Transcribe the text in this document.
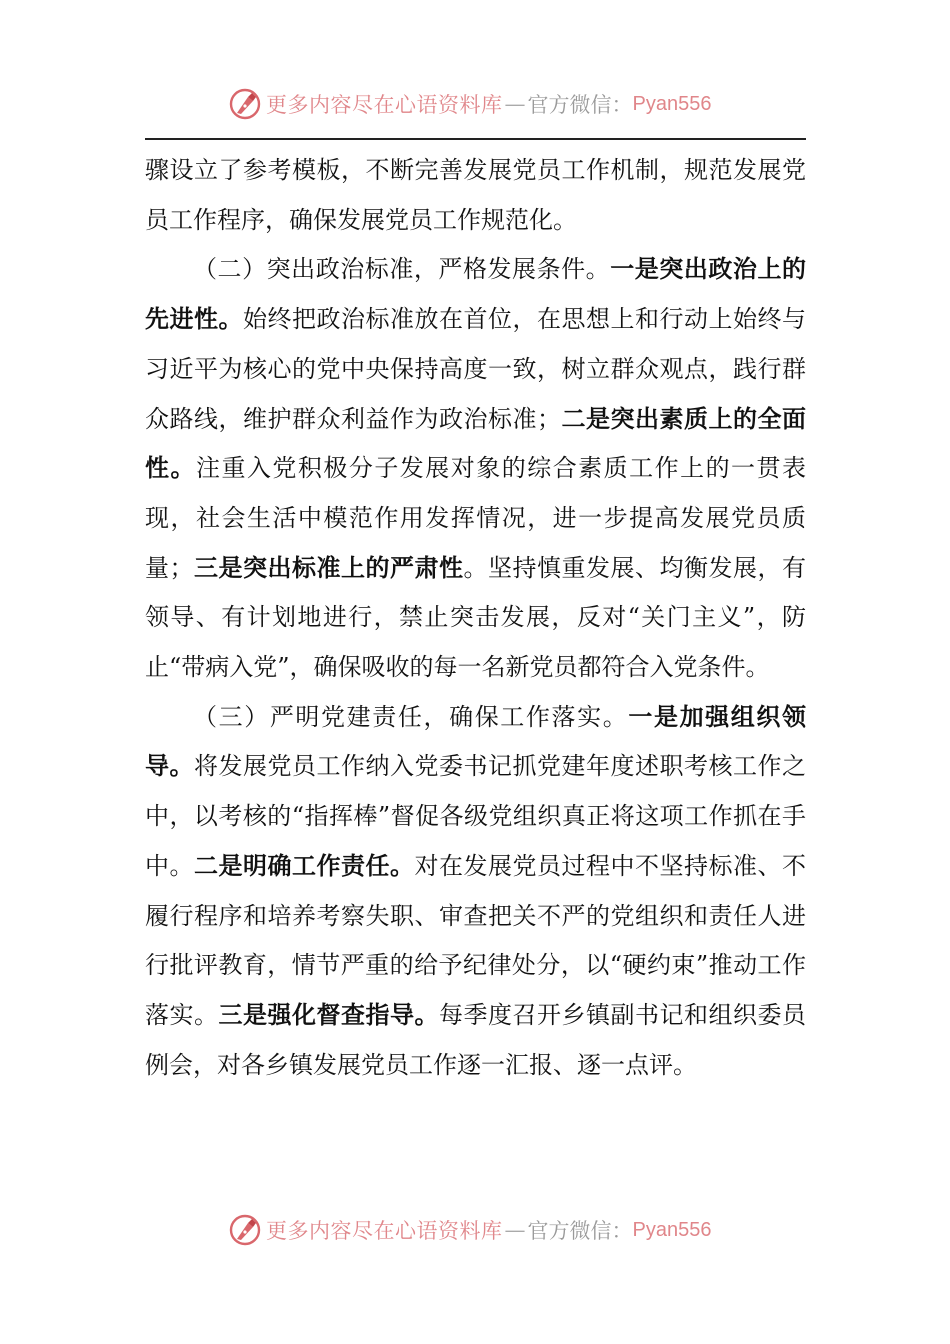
更多内容尽在心语资料库 — 官方微信： Pyan556

骤设立了参考模板，不断完善发展党员工作机制，规范发展党员工作程序，确保发展党员工作规范化。

（二）突出政治标准，严格发展条件。一是突出政治上的先进性。始终把政治标准放在首位，在思想上和行动上始终与习近平为核心的党中央保持高度一致，树立群众观点，践行群众路线，维护群众利益作为政治标准；二是突出素质上的全面性。注重入党积极分子发展对象的综合素质工作上的一贯表现，社会生活中模范作用发挥情况，进一步提高发展党员质量；三是突出标准上的严肃性。坚持慎重发展、均衡发展，有领导、有计划地进行，禁止突击发展，反对“关门主义”，防止“带病入党”，确保吸收的每一名新党员都符合入党条件。

（三）严明党建责任，确保工作落实。一是加强组织领导。将发展党员工作纳入党委书记抓党建年度述职考核工作之中，以考核的“指挥棒”督促各级党组织真正将这项工作抓在手中。二是明确工作责任。对在发展党员过程中不坚持标准、不履行程序和培养考察失职、审查把关不严的党组织和责任人进行批评教育，情节严重的给予纪律处分，以“硬约束”推动工作落实。三是强化督查指导。每季度召开乡镇副书记和组织委员例会，对各乡镇发展党员工作逐一汇报、逐一点评。

更多内容尽在心语资料库 — 官方微信： Pyan556
